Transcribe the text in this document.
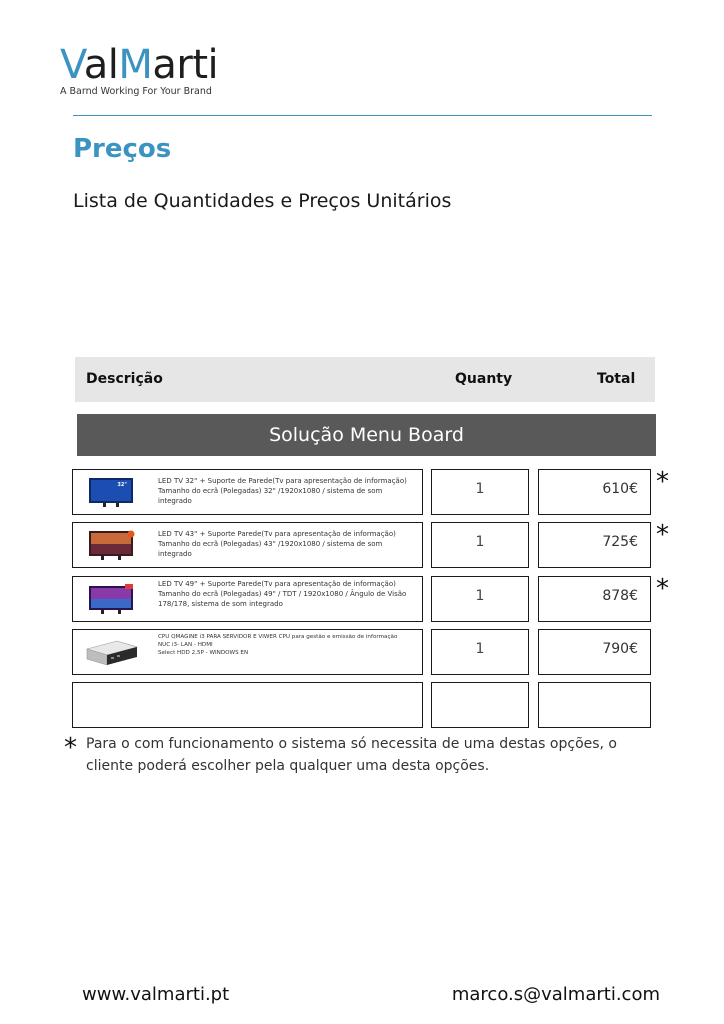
ValMarti
A Barnd Working For Your Brand
Preços
Lista de Quantidades e Preços Unitários
Descrição	Quanty	Total
Solução Menu Board
32"	LED TV 32" + Suporte de Parede(Tv para apresentação de informação)
Tamanho do ecrã (Polegadas) 32" /1920x1080 / sistema de som integrado
1	610€ *
LED TV 43" + Suporte Parede(Tv para apresentação de informação)
Tamanho do ecrã (Polegadas) 43" /1920x1080 / sistema de som integrado
1	725€ *
LED TV 49" + Suporte Parede(Tv para apresentação de informação)
Tamanho do ecrã (Polegadas) 49" / TDT / 1920x1080 / Ângulo de Visão
178/178, sistema de som integrado	1	878€ *
CPU QMAGINE i3 PARA SERVIDOR E VIWER CPU para gestão e emissão de informação
NUC i3- LAN - HDMI
Select HDD 2,5P - WINDOWS EN	1	790€
* Para o com funcionamento o sistema só necessita de uma destas opções, o cliente poderá escolher pela qualquer uma desta opções.
www.valmarti.pt	marco.s@valmarti.com
